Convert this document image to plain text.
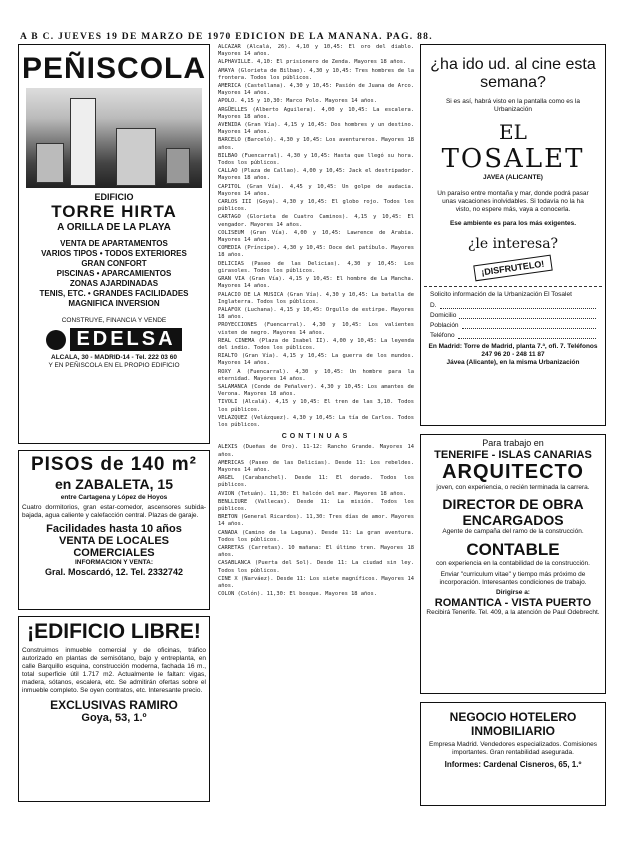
A B C. JUEVES 19 DE MARZO DE 1970 EDICION DE LA MAÑANA. PAG. 88.
PEÑISCOLA
EDIFICIO
TORRE HIRTA
A ORILLA DE LA PLAYA
VENTA DE APARTAMENTOS
VARIOS TIPOS • TODOS EXTERIORES
GRAN CONFORT
PISCINAS • APARCAMIENTOS
ZONAS AJARDINADAS
TENIS, ETC. • GRANDES FACILIDADES
MAGNIFICA INVERSION
CONSTRUYE, FINANCIA Y VENDE
EDELSA
ALCALA, 30 - MADRID-14 - Tel. 222 03 60
Y EN PEÑISCOLA EN EL PROPIO EDIFICIO
PISOS de 140 m²
en ZABALETA, 15
entre Cartagena y López de Hoyos
Cuatro dormitorios, gran estar-comedor, ascensores subida-bajada, agua caliente y calefacción central. Plazas de garaje.
Facilidades hasta 10 años
VENTA DE LOCALES COMERCIALES
INFORMACION Y VENTA:
Gral. Moscardó, 12. Tel. 2332742
¡EDIFICIO LIBRE!
Construimos inmueble comercial y de oficinas, tráfico autorizado en plantas de semisótano, bajo y entreplanta, en calle Barquillo esquina, construcción moderna, fachada 16 m., total superficie útil 1.717 m2. Actualmente le faltan: vigas, madera, sótanos, escalera, etc. Se admitirán ofertas sobre el inmueble completo. Se oyen contratos, etc. Interesante precio.
EXCLUSIVAS RAMIRO
Goya, 53, 1.º

ALCAZAR (Alcalá, 26). 4,10 y 10,45: El oro del diablo. Mayores 14 años.

ALPHAVILLE. 4,10: El prisionero de Zenda. Mayores 18 años.

AMAYA (Glorieta de Bilbao). 4,30 y 10,45: Tres hombres de la frontera. Todos los públicos.

AMERICA (Castellana). 4,30 y 10,45: Pasión de Juana de Arco. Mayores 14 años.

APOLO. 4,15 y 10,30: Marco Polo. Mayores 14 años.

ARGÜELLES (Alberto Aguilera). 4,00 y 10,45: La escalera. Mayores 18 años.

AVENIDA (Gran Vía). 4,15 y 10,45: Dos hombres y un destino. Mayores 14 años.

BARCELO (Barceló). 4,30 y 10,45: Los aventureros. Mayores 18 años.

BILBAO (Fuencarral). 4,30 y 10,45: Hasta que llegó su hora. Todos los públicos.

CALLAO (Plaza de Callao). 4,00 y 10,45: Jack el destripador. Mayores 18 años.

CAPITOL (Gran Vía). 4,45 y 10,45: Un golpe de audacia. Mayores 14 años.

CARLOS III (Goya). 4,30 y 10,45: El globo rojo. Todos los públicos.

CARTAGO (Glorieta de Cuatro Caminos). 4,15 y 10,45: El vengador. Mayores 14 años.

COLISEUM (Gran Vía). 4,00 y 10,45: Lawrence de Arabia. Mayores 14 años.

COMEDIA (Príncipe). 4,30 y 10,45: Doce del patíbulo. Mayores 18 años.

DELICIAS (Paseo de las Delicias). 4,30 y 10,45: Los girasoles. Todos los públicos.

GRAN VIA (Gran Vía). 4,15 y 10,45: El hombre de La Mancha. Mayores 14 años.

PALACIO DE LA MUSICA (Gran Vía). 4,30 y 10,45: La batalla de Inglaterra. Todos los públicos.

PALAFOX (Luchana). 4,15 y 10,45: Orgullo de estirpe. Mayores 18 años.

PROYECCIONES (Fuencarral). 4,30 y 10,45: Los valientes visten de negro. Mayores 14 años.

REAL CINEMA (Plaza de Isabel II). 4,00 y 10,45: La leyenda del indio. Todos los públicos.

RIALTO (Gran Vía). 4,15 y 10,45: La guerra de los mundos. Mayores 14 años.

ROXY A (Fuencarral). 4,30 y 10,45: Un hombre para la eternidad. Mayores 14 años.

SALAMANCA (Conde de Peñalver). 4,30 y 10,45: Los amantes de Verona. Mayores 18 años.

TIVOLI (Alcalá). 4,15 y 10,45: El tren de las 3,10. Todos los públicos.

VELAZQUEZ (Velázquez). 4,30 y 10,45: La tía de Carlos. Todos los públicos.

CONTINUAS

ALEXIS (Dueñas de Oro). 11-12: Rancho Grande. Mayores 14 años.

AMERICAS (Paseo de las Delicias). Desde 11: Los rebeldes. Mayores 14 años.

ARGEL (Carabanchel). Desde 11: El dorado. Todos los públicos.

AVION (Tetuán). 11,30: El halcón del mar. Mayores 18 años.

BENLLIURE (Vallecas). Desde 11: La misión. Todos los públicos.

BRETON (General Ricardos). 11,30: Tres días de amor. Mayores 14 años.

CANADA (Camino de la Laguna). Desde 11: La gran aventura. Todos los públicos.

CARRETAS (Carretas). 10 mañana: El último tren. Mayores 18 años.

CASABLANCA (Puerta del Sol). Desde 11: La ciudad sin ley. Todos los públicos.

CINE X (Narváez). Desde 11: Los siete magníficos. Mayores 14 años.

COLON (Colón). 11,30: El bosque. Mayores 18 años.

¿ha ido ud. al cine esta semana?
Si es así, habrá visto en la pantalla como es la Urbanización
EL
TOSALET
JAVEA (ALICANTE)
Un paraíso entre montaña y mar, donde podrá pasar unas vacaciones inolvidables. Si todavía no la ha visto, no espere más, vaya a conocerla.
Ese ambiente es para los más exigentes.
¿le interesa?
¡DISFRUTELO!
Solicito información de la Urbanización El Tosalet
D.
Domicilio
Población
Teléfono
En Madrid: Torre de Madrid, planta 7.ª, ofi. 7. Teléfonos 247 96 20 - 248 11 87
Jávea (Alicante), en la misma Urbanización
Para trabajo en
TENERIFE - ISLAS CANARIAS
ARQUITECTO
joven, con experiencia, o recién terminada la carrera.
DIRECTOR DE OBRA
ENCARGADOS
Agente de campaña del ramo de la construcción.
CONTABLE
con experiencia en la contabilidad de la construcción.
Enviar "curriculum vitae" y tiempo más próximo de incorporación. Interesantes condiciones de trabajo.
Dirigirse a:
ROMANTICA - VISTA PUERTO
Recibirá Tenerife. Tel. 409, a la atención de Paul Odebrecht.
NEGOCIO HOTELERO INMOBILIARIO
Empresa Madrid. Vendedores especializados. Comisiones importantes. Gran rentabilidad asegurada.
Informes: Cardenal Cisneros, 65, 1.º
